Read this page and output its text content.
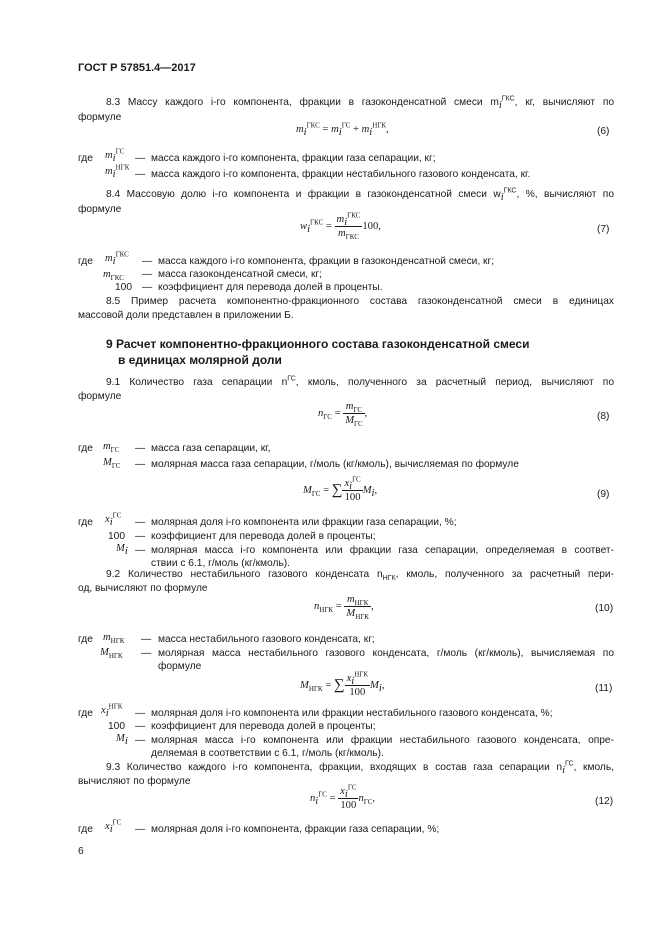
ГОСТ Р 57851.4—2017
8.3 Массу каждого i-го компонента, фракции в газоконденсатной смеси $m_i^{ГКС}$, кг, вычисляют по
формуле
$m_i^{ГКС} = m_i^{ГС} + m_i^{НГК}$,	(6)
где $m_i^{ГС}$
— масса каждого i-го компонента, фракции газа сепарации, кг;
$m_i^{НГК}$
— масса каждого i-го компонента, фракции нестабильного газового конденсата, кг.
8.4 Массовую долю i-го компонента и фракции в газоконденсатной смеси $w_i^{ГКС}$, %, вычисляют по
формуле
$w_i^{ГКС} = \frac{m_i^{ГКС}}{m_{ГКС}} 100$,	(7)
где $m_i^{ГКС}$
— масса каждого i-го компонента, фракции в газоконденсатной смеси, кг;
$m_{ГКС}$ — масса газоконденсатной смеси, кг;
100 — коэффициент для перевода долей в проценты.
8.5 Пример расчета компонентно-фракционного состава газоконденсатной смеси в единицах
массовой доли представлен в приложении Б.
9 Расчет компонентно-фракционного состава газоконденсатной смеси
в единицах молярной доли
9.1 Количество газа сепарации $n^{ГС}$, кмоль, полученного за расчетный период, вычисляют по
формуле
$n_{ГС} = \frac{m_{ГС}}{M_{ГС}}$ ,	(8)
где $m_{ГС}$ — масса газа сепарации, кг,
$M_{ГС}$ — молярная масса газа сепарации, г/моль (кг/кмоль), вычисляемая по формуле
$M_{ГС}$ = ∑ $\frac{x_i^{ГС}}{100} M_i$,	(9)
где $x_i^{ГС}$
— молярная доля i-го компонента или фракции газа сепарации, %;
100 — коэффициент для перевода долей в проценты;
$M_i$ — молярная масса i-го компонента или фракции газа сепарации, определяемая в соответ-
ствии с 6.1, г/моль (кг/кмоль).
9.2 Количество нестабильного газового конденсата $n_{НГК}$, кмоль, полученного за расчетный пери-
од, вычисляют по формуле
$n_{НГК} = \frac{m_{НГК}}{M_{НГК}}$ ,	(10)
где $m_{НГК}$ — масса нестабильного газового конденсата, кг;
$M_{НГК}$ — молярная масса нестабильного газового конденсата, г/моль (кг/кмоль), вычисляемая по
формуле
$M_{НГК}$ = ∑ $\frac{x_i^{НГК}}{100} M_i$,	(11)
где $x_i^{НГК}$
— молярная доля i-го компонента или фракции нестабильного газового конденсата, %;
100 — коэффициент для перевода долей в проценты;
$M_i$ — молярная масса i-го компонента или фракции нестабильного газового конденсата, опре-
деляемая в соответствии с 6.1, г/моль (кг/кмоль).
9.3 Количество каждого i-го компонента, фракции, входящих в состав газа сепарации $n_i^{ГС}$, кмоль,
вычисляют по формуле
$n_i^{ГС} = \frac{x_i^{ГС}}{100} n_{ГС}$,	(12)
где $x_i^{ГС}$
— молярная доля i-го компонента, фракции газа сепарации, %;
6
